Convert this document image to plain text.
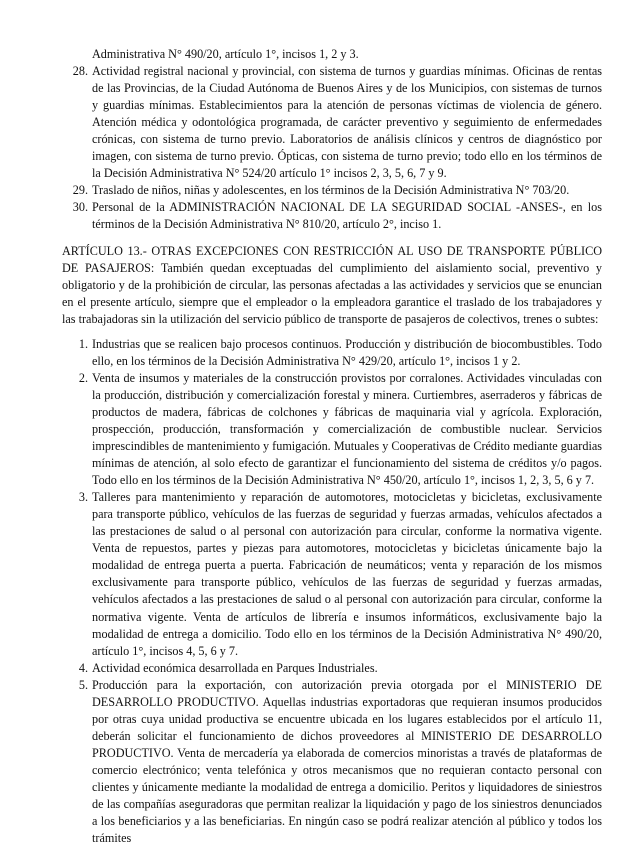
Administrativa N° 490/20, artículo 1°, incisos 1, 2 y 3.
28. Actividad registral nacional y provincial, con sistema de turnos y guardias mínimas. Oficinas de rentas de las Provincias, de la Ciudad Autónoma de Buenos Aires y de los Municipios, con sistemas de turnos y guardias mínimas. Establecimientos para la atención de personas víctimas de violencia de género. Atención médica y odontológica programada, de carácter preventivo y seguimiento de enfermedades crónicas, con sistema de turno previo. Laboratorios de análisis clínicos y centros de diagnóstico por imagen, con sistema de turno previo. Ópticas, con sistema de turno previo; todo ello en los términos de la Decisión Administrativa N° 524/20 artículo 1° incisos 2, 3, 5, 6, 7 y 9.
29. Traslado de niños, niñas y adolescentes, en los términos de la Decisión Administrativa N° 703/20.
30. Personal de la ADMINISTRACIÓN NACIONAL DE LA SEGURIDAD SOCIAL -ANSES-, en los términos de la Decisión Administrativa N° 810/20, artículo 2°, inciso 1.
ARTÍCULO 13.- OTRAS EXCEPCIONES CON RESTRICCIÓN AL USO DE TRANSPORTE PÚBLICO DE PASAJEROS: También quedan exceptuadas del cumplimiento del aislamiento social, preventivo y obligatorio y de la prohibición de circular, las personas afectadas a las actividades y servicios que se enuncian en el presente artículo, siempre que el empleador o la empleadora garantice el traslado de los trabajadores y las trabajadoras sin la utilización del servicio público de transporte de pasajeros de colectivos, trenes o subtes:
1. Industrias que se realicen bajo procesos continuos. Producción y distribución de biocombustibles. Todo ello, en los términos de la Decisión Administrativa N° 429/20, artículo 1°, incisos 1 y 2.
2. Venta de insumos y materiales de la construcción provistos por corralones. Actividades vinculadas con la producción, distribución y comercialización forestal y minera. Curtiembres, aserraderos y fábricas de productos de madera, fábricas de colchones y fábricas de maquinaria vial y agrícola. Exploración, prospección, producción, transformación y comercialización de combustible nuclear. Servicios imprescindibles de mantenimiento y fumigación. Mutuales y Cooperativas de Crédito mediante guardias mínimas de atención, al solo efecto de garantizar el funcionamiento del sistema de créditos y/o pagos. Todo ello en los términos de la Decisión Administrativa N° 450/20, artículo 1°, incisos 1, 2, 3, 5, 6 y 7.
3. Talleres para mantenimiento y reparación de automotores, motocicletas y bicicletas, exclusivamente para transporte público, vehículos de las fuerzas de seguridad y fuerzas armadas, vehículos afectados a las prestaciones de salud o al personal con autorización para circular, conforme la normativa vigente. Venta de repuestos, partes y piezas para automotores, motocicletas y bicicletas únicamente bajo la modalidad de entrega puerta a puerta. Fabricación de neumáticos; venta y reparación de los mismos exclusivamente para transporte público, vehículos de las fuerzas de seguridad y fuerzas armadas, vehículos afectados a las prestaciones de salud o al personal con autorización para circular, conforme la normativa vigente. Venta de artículos de librería e insumos informáticos, exclusivamente bajo la modalidad de entrega a domicilio. Todo ello en los términos de la Decisión Administrativa N° 490/20, artículo 1°, incisos 4, 5, 6 y 7.
4. Actividad económica desarrollada en Parques Industriales.
5. Producción para la exportación, con autorización previa otorgada por el MINISTERIO DE DESARROLLO PRODUCTIVO. Aquellas industrias exportadoras que requieran insumos producidos por otras cuya unidad productiva se encuentre ubicada en los lugares establecidos por el artículo 11, deberán solicitar el funcionamiento de dichos proveedores al MINISTERIO DE DESARROLLO PRODUCTIVO. Venta de mercadería ya elaborada de comercios minoristas a través de plataformas de comercio electrónico; venta telefónica y otros mecanismos que no requieran contacto personal con clientes y únicamente mediante la modalidad de entrega a domicilio. Peritos y liquidadores de siniestros de las compañías aseguradoras que permitan realizar la liquidación y pago de los siniestros denunciados a los beneficiarios y a las beneficiarias. En ningún caso se podrá realizar atención al público y todos los trámites
